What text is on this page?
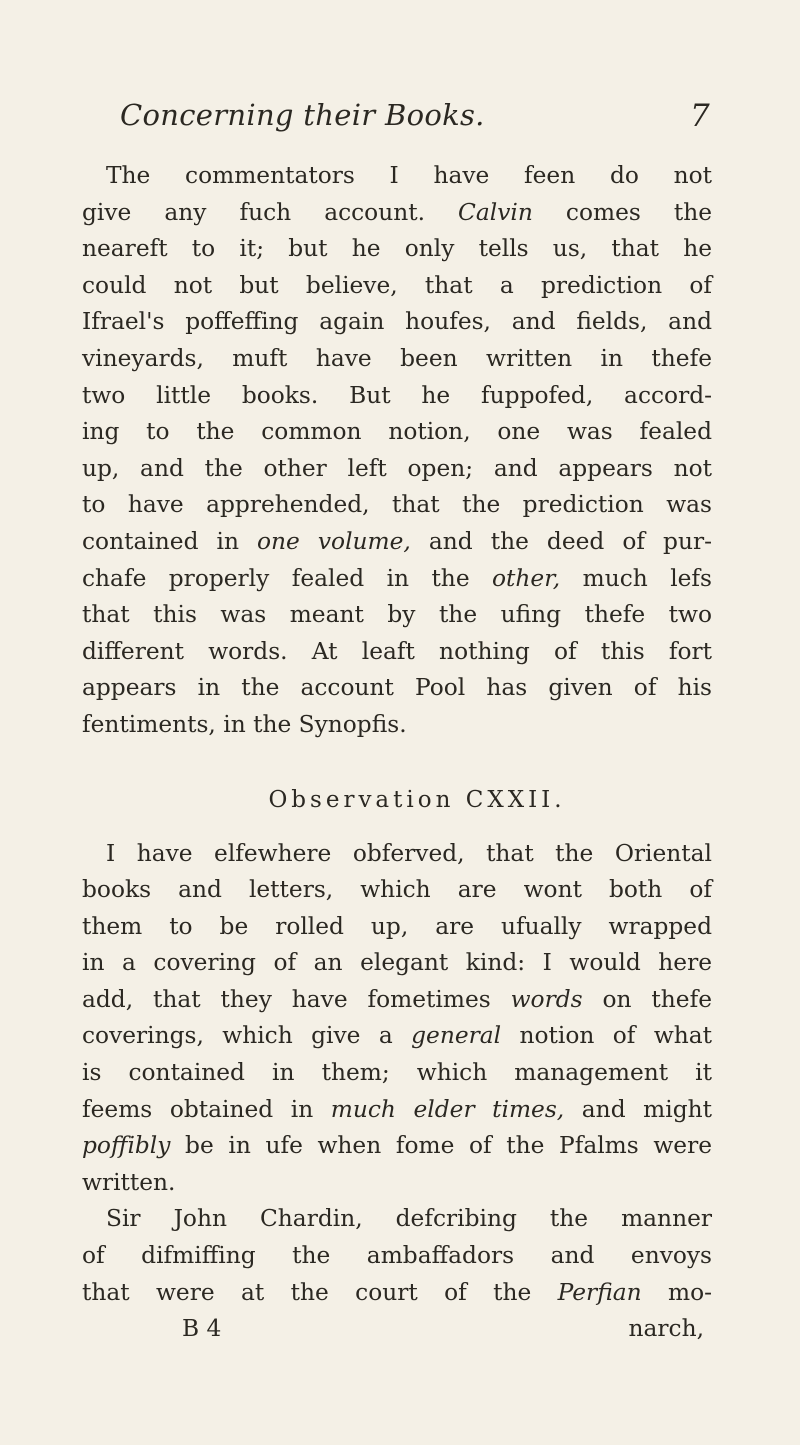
Concerning their Books.	7
The commentators I have feen do not
give any fuch account. Calvin comes the
neareft to it; but he only tells us, that he
could not but believe, that a prediction of
Ifrael's poffeffing again houfes, and fields, and
vineyards, muft have been written in thefe
two little books. But he fuppofed, accord-
ing to the common notion, one was fealed
up, and the other left open; and appears not
to have apprehended, that the prediction was
contained in one volume, and the deed of pur-
chafe properly fealed in the other, much lefs
that this was meant by the ufing thefe two
different words. At leaft nothing of this fort
appears in the account Pool has given of his
fentiments, in the Synopfis.
Observation CXXII.
I have elfewhere obferved, that the Oriental
books and letters, which are wont both of
them to be rolled up, are ufually wrapped
in a covering of an elegant kind: I would here
add, that they have fometimes words on thefe
coverings, which give a general notion of what
is contained in them; which management it
feems obtained in much elder times, and might
poffibly be in ufe when fome of the Pfalms were
written.
Sir John Chardin, defcribing the manner
of difmiffing the ambaffadors and envoys
that were at the court of the Perfian mo-
B 4	narch,
